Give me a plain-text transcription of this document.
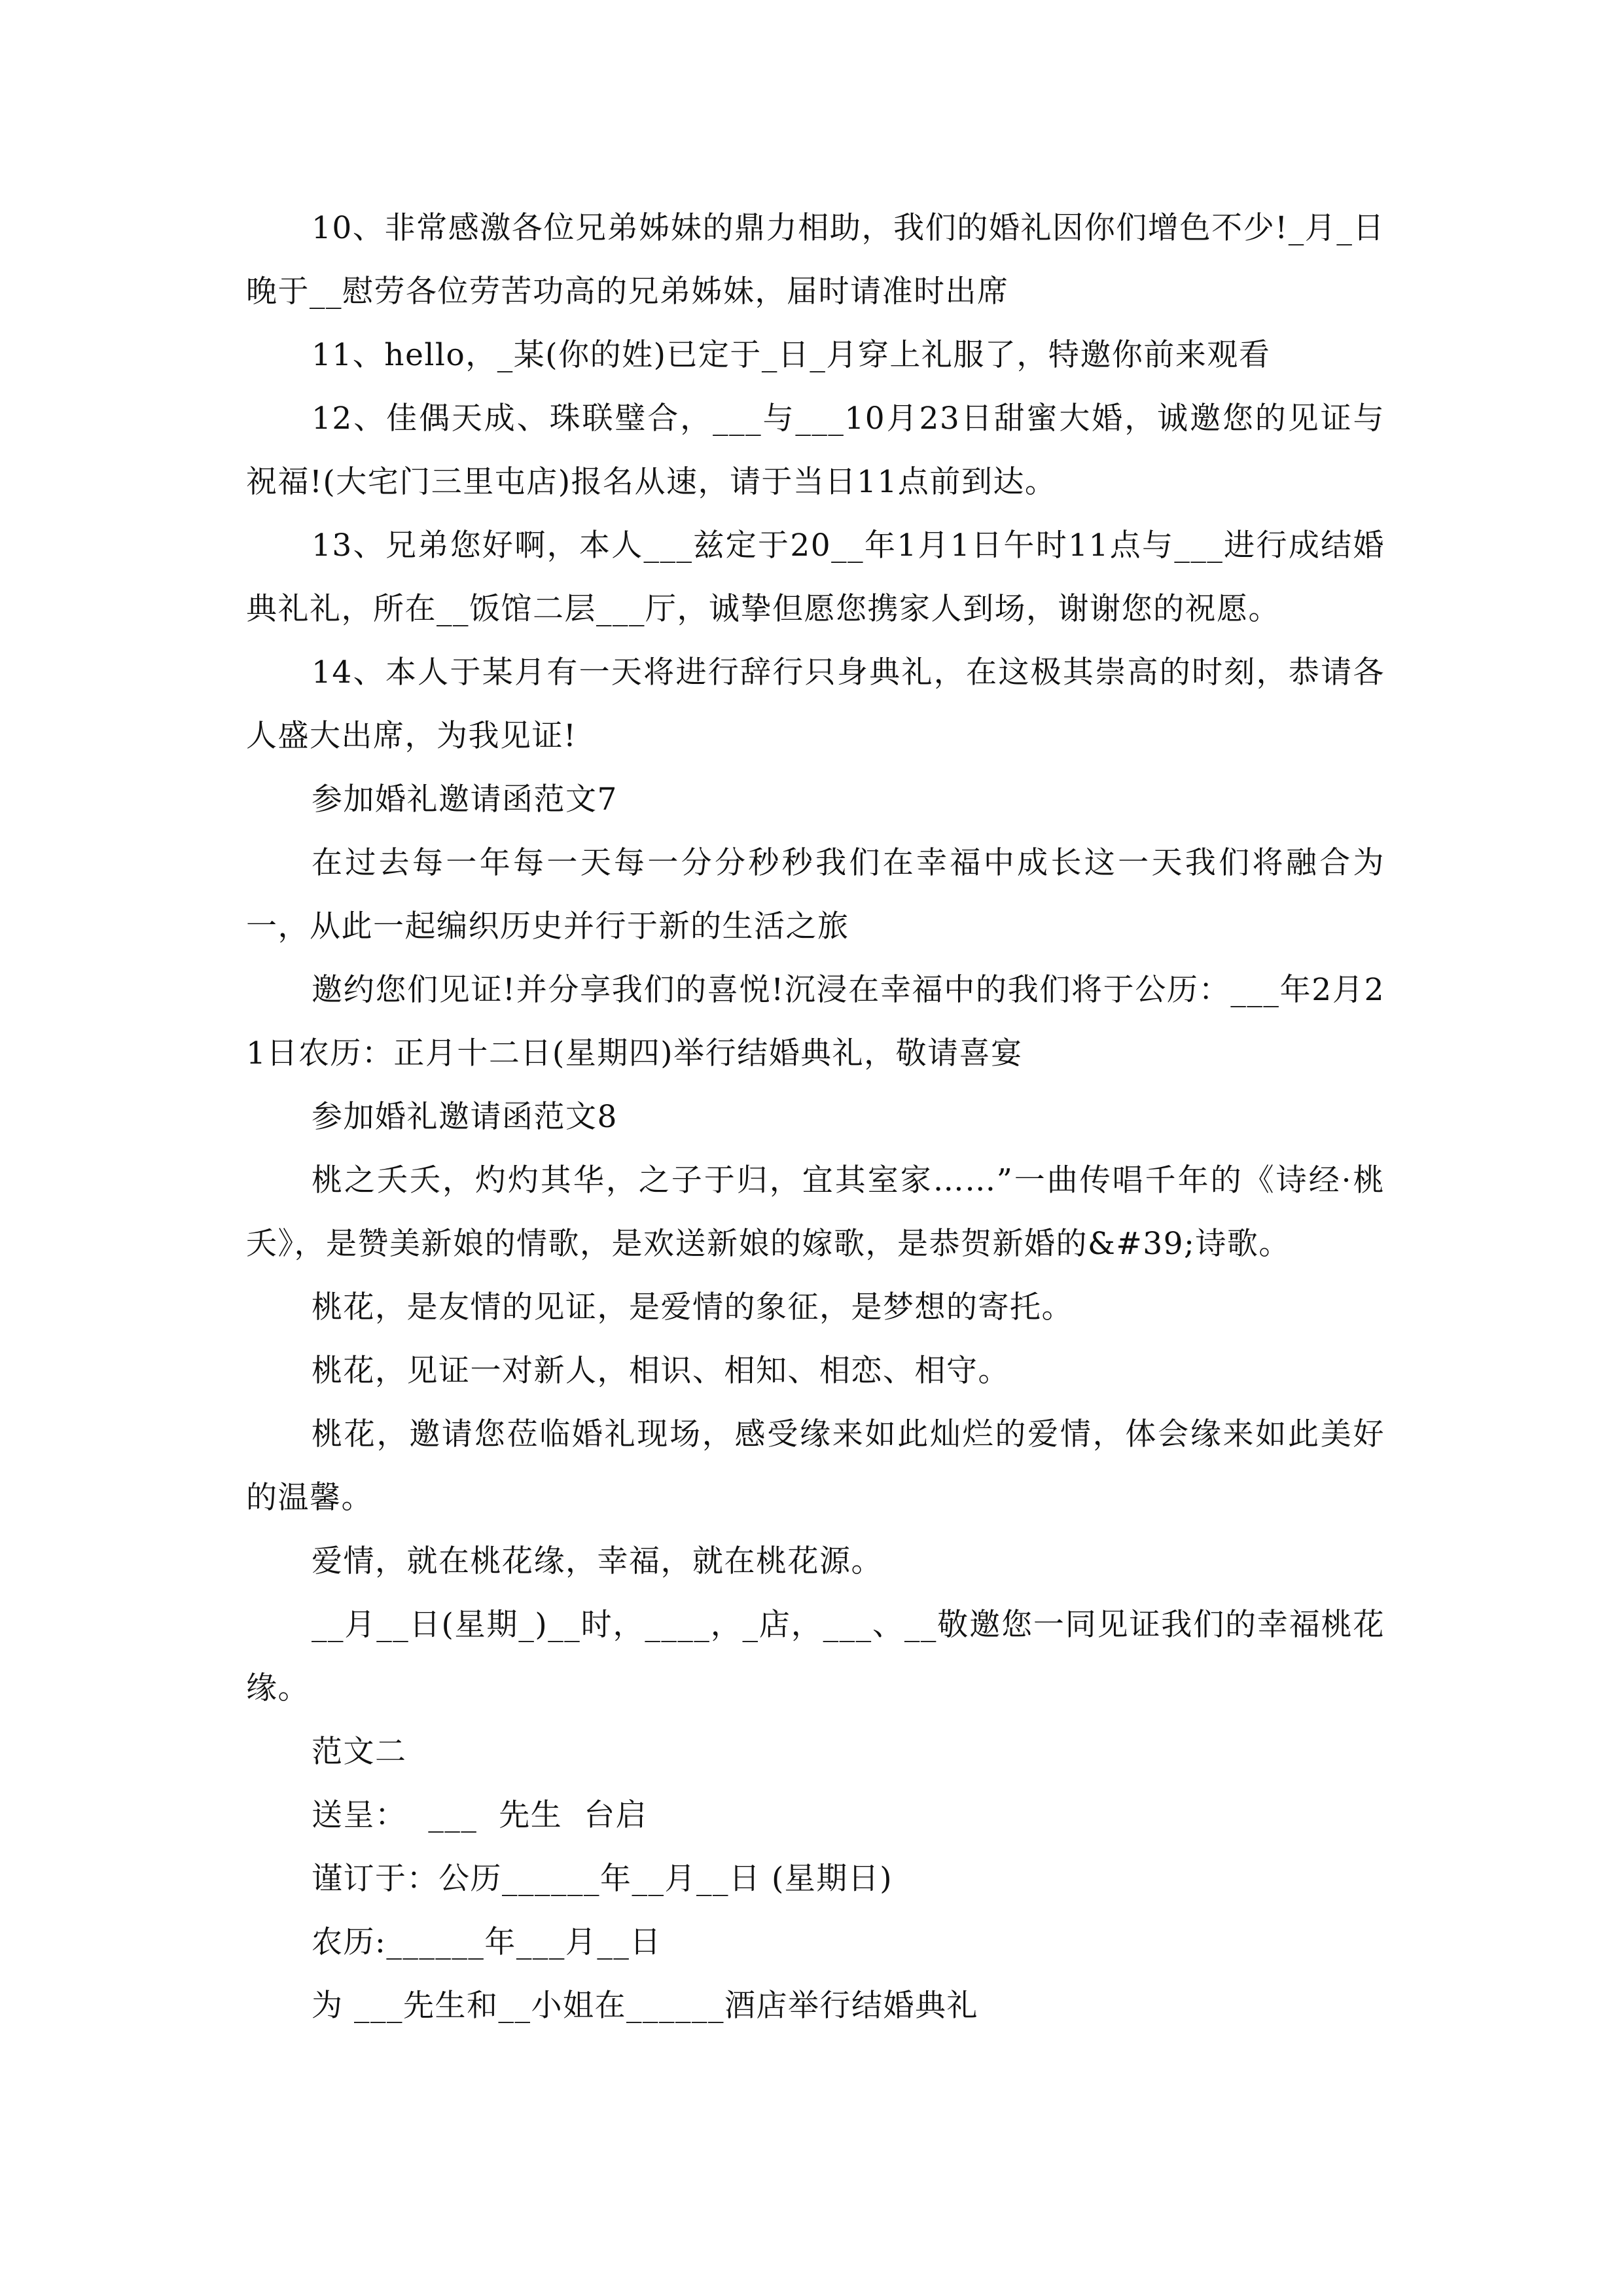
10、非常感激各位兄弟姊妹的鼎力相助，我们的婚礼因你们增色不少!_月_日晚于__慰劳各位劳苦功高的兄弟姊妹，届时请准时出席

11、hello，_某(你的姓)已定于_日_月穿上礼服了，特邀你前来观看

12、佳偶天成、珠联璧合，___与___10月23日甜蜜大婚，诚邀您的见证与祝福!(大宅门三里屯店)报名从速，请于当日11点前到达。

13、兄弟您好啊，本人___兹定于20__年1月1日午时11点与___进行成结婚典礼礼，所在__饭馆二层___厅，诚挚但愿您携家人到场，谢谢您的祝愿。

14、本人于某月有一天将进行辞行只身典礼，在这极其崇高的时刻，恭请各人盛大出席，为我见证!

参加婚礼邀请函范文7

在过去每一年每一天每一分分秒秒我们在幸福中成长这一天我们将融合为一，从此一起编织历史并行于新的生活之旅

邀约您们见证!并分享我们的喜悦!沉浸在幸福中的我们将于公历：___年2月21日农历：正月十二日(星期四)举行结婚典礼，敬请喜宴

参加婚礼邀请函范文8

桃之夭夭，灼灼其华，之子于归，宜其室家……”一曲传唱千年的《诗经·桃夭》，是赞美新娘的情歌，是欢送新娘的嫁歌，是恭贺新婚的&#39;诗歌。

桃花，是友情的见证，是爱情的象征，是梦想的寄托。

桃花，见证一对新人，相识、相知、相恋、相守。

桃花，邀请您莅临婚礼现场，感受缘来如此灿烂的爱情，体会缘来如此美好的温馨。

爱情，就在桃花缘，幸福，就在桃花源。

__月__日(星期_)__时，____，_店，___、__敬邀您一同见证我们的幸福桃花缘。

范文二

送呈：  ___  先生  台启

谨订于：公历______年__月__日 (星期日)

农历:______年___月__日

为 ___先生和__小姐在______酒店举行结婚典礼
